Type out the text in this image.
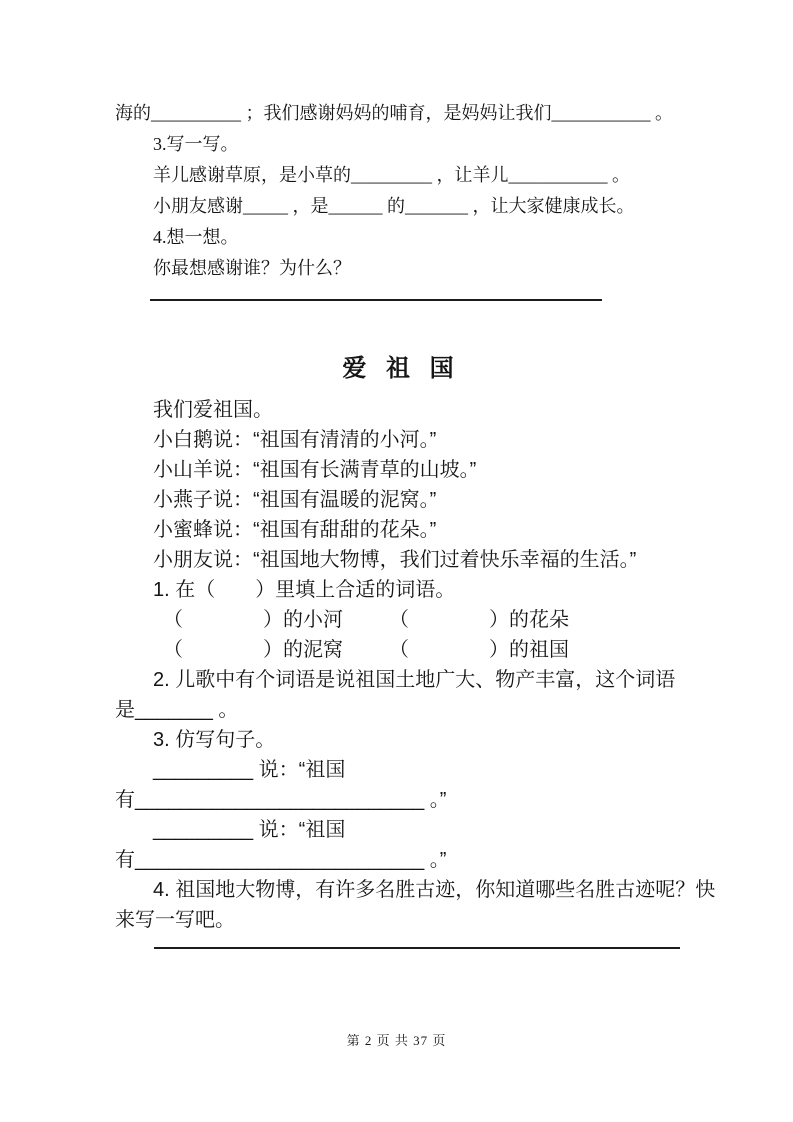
海的__________ ；我们感谢妈妈的哺育，是妈妈让我们___________ 。
3.写一写。
羊儿感谢草原，是小草的_________ ，让羊儿___________ 。
小朋友感谢_____ ，是______ 的_______ ，让大家健康成长。
4.想一想。
你最想感谢谁？为什么？
爱 祖 国
我们爱祖国。
小白鹅说：“祖国有清清的小河。”
小山羊说：“祖国有长满青草的山坡。”
小燕子说：“祖国有温暖的泥窝。”
小蜜蜂说：“祖国有甜甜的花朵。”
小朋友说：“祖国地大物博，我们过着快乐幸福的生活。”
1. 在（　　）里填上合适的词语。
（　　　　）的小河 （　　　　）的花朵
（　　　　）的泥窝 （　　　　）的祖国
2. 儿歌中有个词语是说祖国土地广大、物产丰富，这个词语
是_______ 。
3. 仿写句子。
_________ 说：“祖国
有__________________________ 。”
_________ 说：“祖国
有__________________________ 。”
4. 祖国地大物博，有许多名胜古迹，你知道哪些名胜古迹呢？快
来写一写吧。
第 2 页 共 37 页
